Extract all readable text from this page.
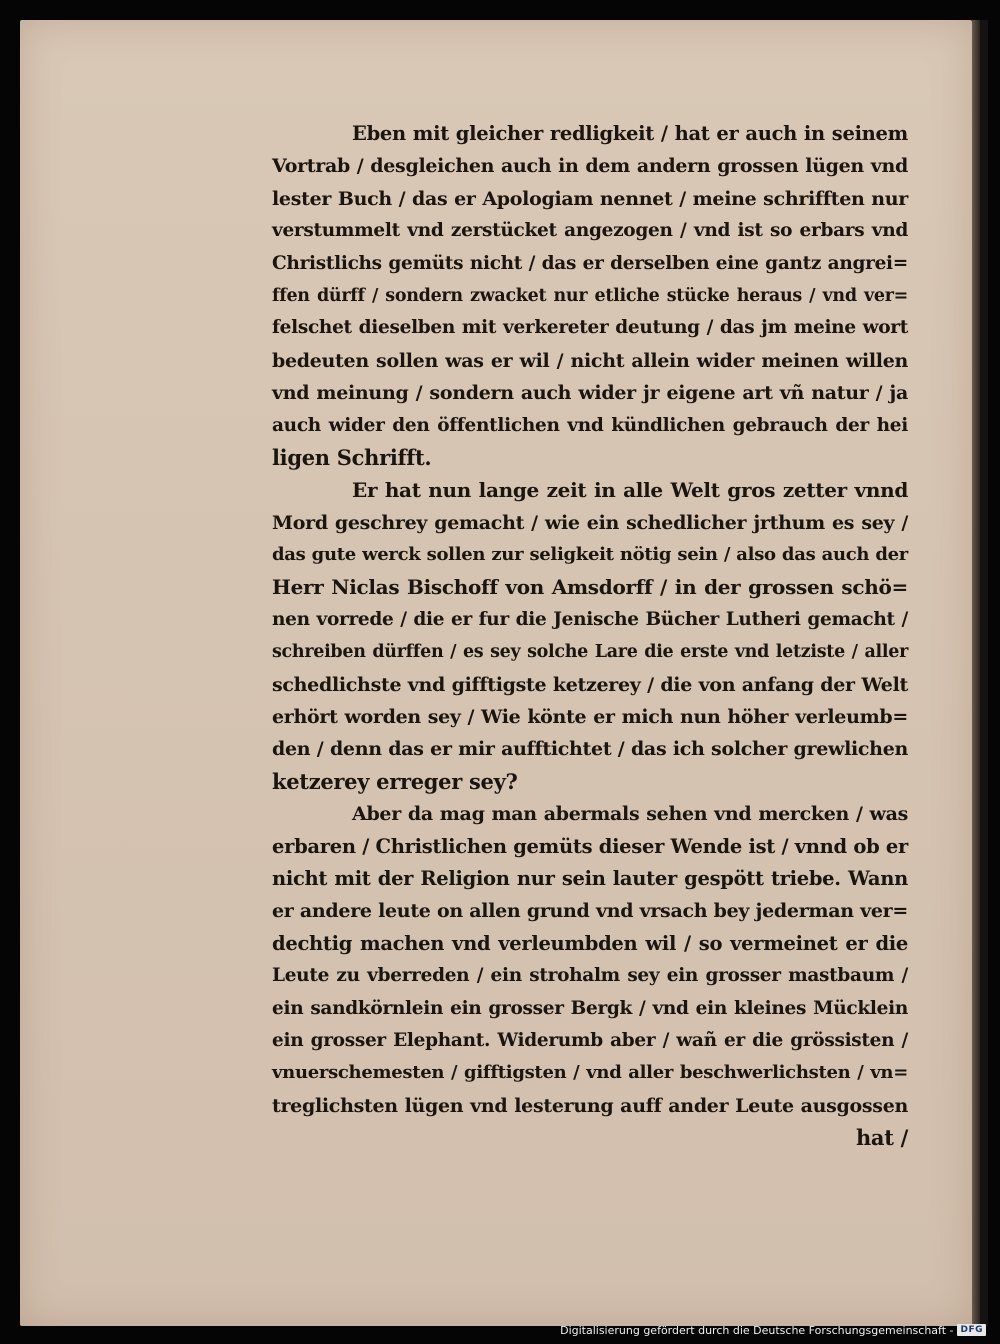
Eben mit gleicher redligkeit / hat er auch in seinem
Vortrab / desgleichen auch in dem andern grossen lügen vnd
lester Buch / das er Apologiam nennet / meine schrifften nur
verstummelt vnd zerstücket angezogen / vnd ist so erbars vnd
Christlichs gemüts nicht / das er derselben eine gantz angrei=
ffen dürff / sondern zwacket nur etliche stücke heraus / vnd ver=
felschet dieselben mit verkereter deutung / das jm meine wort
bedeuten sollen was er wil / nicht allein wider meinen willen
vnd meinung / sondern auch wider jr eigene art vñ natur / ja
auch wider den öffentlichen vnd kündlichen gebrauch der hei
ligen Schrifft.
Er hat nun lange zeit in alle Welt gros zetter vnnd
Mord geschrey gemacht / wie ein schedlicher jrthum es sey /
das gute werck sollen zur seligkeit nötig sein / also das auch der
Herr Niclas Bischoff von Amsdorff / in der grossen schö=
nen vorrede / die er fur die Jenische Bücher Lutheri gemacht /
schreiben dürffen / es sey solche Lare die erste vnd letziste / aller
schedlichste vnd gifftigste ketzerey / die von anfang der Welt
erhört worden sey / Wie könte er mich nun höher verleumb=
den / denn das er mir aufftichtet / das ich solcher grewlichen
ketzerey erreger sey?
Aber da mag man abermals sehen vnd mercken / was
erbaren / Christlichen gemüts dieser Wende ist / vnnd ob er
nicht mit der Religion nur sein lauter gespött triebe. Wann
er andere leute on allen grund vnd vrsach bey jederman ver=
dechtig machen vnd verleumbden wil / so vermeinet er die
Leute zu vberreden / ein strohalm sey ein grosser mastbaum /
ein sandkörnlein ein grosser Bergk / vnd ein kleines Mücklein
ein grosser Elephant. Widerumb aber / wañ er die grössisten /
vnuerschemesten / gifftigsten / vnd aller beschwerlichsten / vn=
treglichsten lügen vnd lesterung auff ander Leute ausgossen
hat /
Digitalisierung gefördert durch die Deutsche Forschungsgemeinschaft - DFG
